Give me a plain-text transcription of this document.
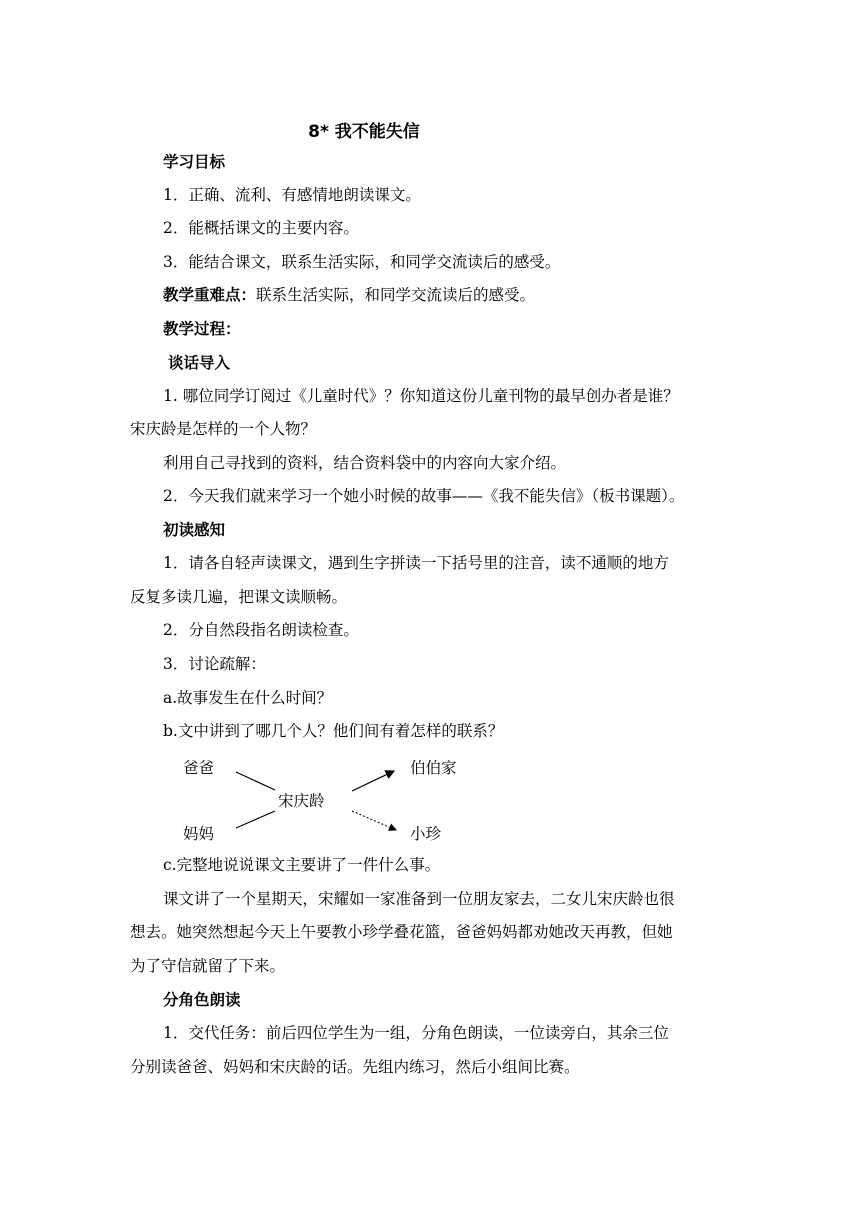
8* 我不能失信
学习目标
1．正确、流利、有感情地朗读课文。
2．能概括课文的主要内容。
3．能结合课文，联系生活实际，和同学交流读后的感受。
教学重难点：联系生活实际，和同学交流读后的感受。
教学过程：
谈话导入
1. 哪位同学订阅过《儿童时代》？你知道这份儿童刊物的最早创办者是谁？
宋庆龄是怎样的一个人物？
利用自己寻找到的资料，结合资料袋中的内容向大家介绍。
2．今天我们就来学习一个她小时候的故事——《我不能失信》（板书课题）。
初读感知
1．请各自轻声读课文，遇到生字拼读一下括号里的注音，读不通顺的地方
反复多读几遍，把课文读顺畅。
2．分自然段指名朗读检查。
3．讨论疏解：
a.故事发生在什么时间？
b.文中讲到了哪几个人？他们间有着怎样的联系？
爸爸
妈妈
宋庆龄
伯伯家
小珍
c.完整地说说课文主要讲了一件什么事。
课文讲了一个星期天，宋耀如一家准备到一位朋友家去，二女儿宋庆龄也很
想去。她突然想起今天上午要教小珍学叠花篮，爸爸妈妈都劝她改天再教，但她
为了守信就留了下来。
分角色朗读
1．交代任务：前后四位学生为一组，分角色朗读，一位读旁白，其余三位
分别读爸爸、妈妈和宋庆龄的话。先组内练习，然后小组间比赛。
